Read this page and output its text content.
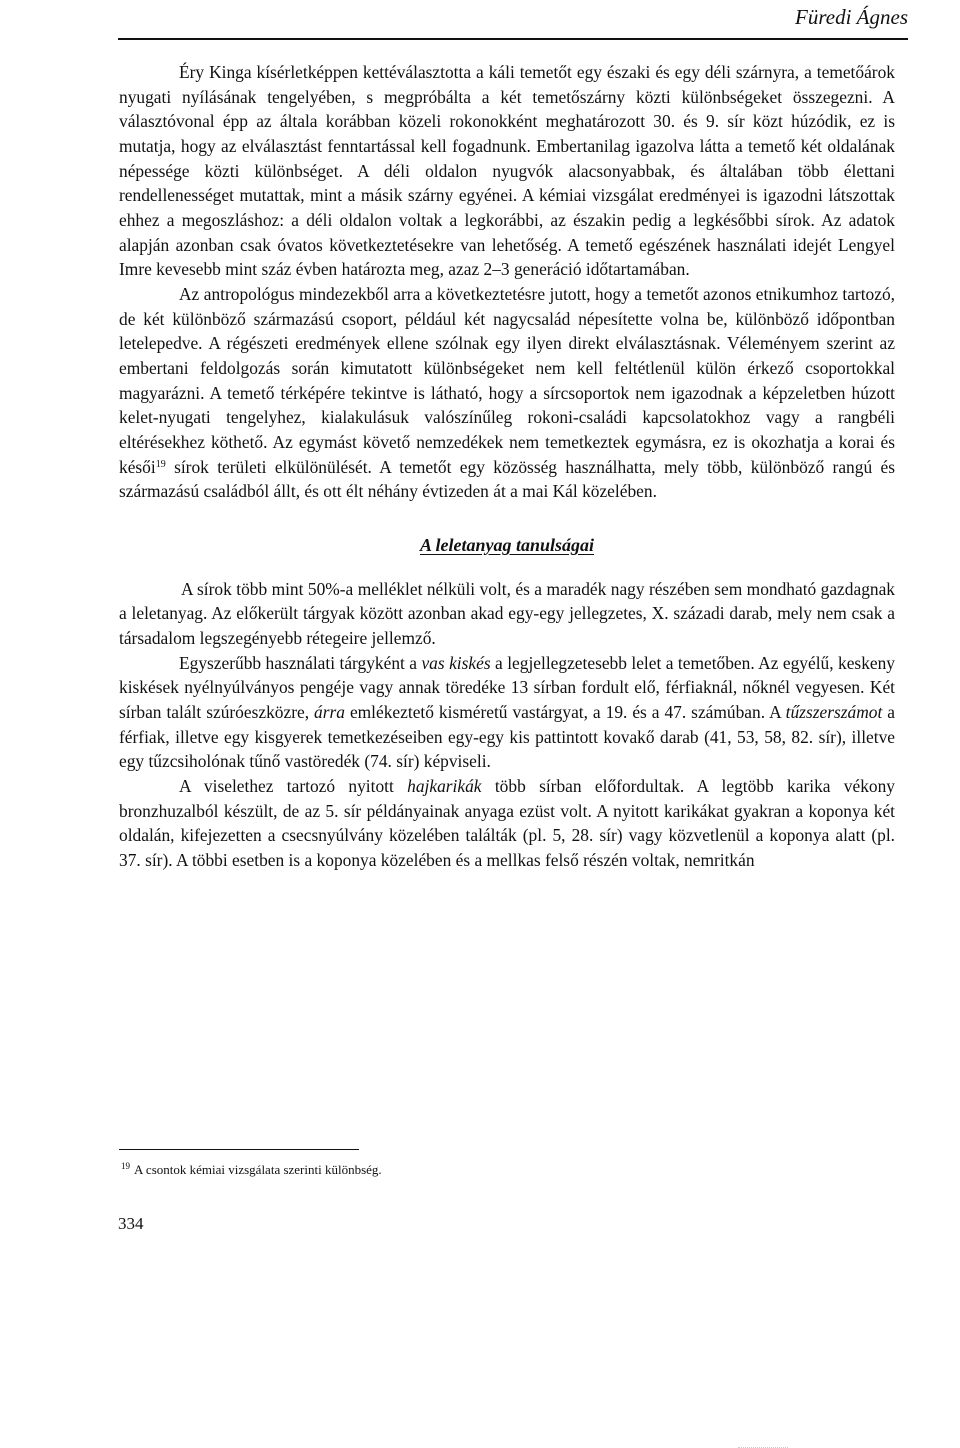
Füredi Ágnes

Éry Kinga kísérletképpen kettéválasztotta a káli temetőt egy északi és egy déli szárnyra, a temetőárok nyugati nyílásának tengelyében, s megpróbálta a két temetőszárny közti különbségeket összegezni. A választóvonal épp az általa korábban közeli rokonokként meghatározott 30. és 9. sír közt húzódik, ez is mutatja, hogy az elválasztást fenntartással kell fogadnunk. Embertanilag igazolva látta a temető két oldalának népessége közti különbséget. A déli oldalon nyugvók alacsonyabbak, és általában több élettani rendellenességet mutattak, mint a másik szárny egyénei. A kémiai vizsgálat eredményei is igazodni látszottak ehhez a megoszláshoz: a déli oldalon voltak a legkorábbi, az északin pedig a legkésőbbi sírok. Az adatok alapján azonban csak óvatos következtetésekre van lehetőség. A temető egészének használati idejét Lengyel Imre kevesebb mint száz évben határozta meg, azaz 2–3 generáció időtartamában.

Az antropológus mindezekből arra a következtetésre jutott, hogy a temetőt azonos etnikumhoz tartozó, de két különböző származású csoport, például két nagycsalád népesítette volna be, különböző időpontban letelepedve. A régészeti eredmények ellene szólnak egy ilyen direkt elválasztásnak. Véleményem szerint az embertani feldolgozás során kimutatott különbségeket nem kell feltétlenül külön érkező csoportokkal magyarázni. A temető térképére tekintve is látható, hogy a sírcsoportok nem igazodnak a képzeletben húzott kelet-nyugati tengelyhez, kialakulásuk valószínűleg rokoni-családi kapcsolatokhoz vagy a rangbéli eltérésekhez köthető. Az egymást követő nemzedékek nem temetkeztek egymásra, ez is okozhatja a korai és késői$^{19}$ sírok területi elkülönülését. A temetőt egy közösség használhatta, mely több, különböző rangú és származású családból állt, és ott élt néhány évtizeden át a mai Kál közelében.

A leletanyag tanulságai

A sírok több mint 50%-a melléklet nélküli volt, és a maradék nagy részében sem mondható gazdagnak a leletanyag. Az előkerült tárgyak között azonban akad egy-egy jellegzetes, X. századi darab, mely nem csak a társadalom legszegényebb rétegeire jellemző.

Egyszerűbb használati tárgyként a vas kiskés a legjellegzetesebb lelet a temetőben. Az egyélű, keskeny kiskések nyélnyúlványos pengéje vagy annak töredéke 13 sírban fordult elő, férfiaknál, nőknél vegyesen. Két sírban talált szúróeszközre, árra emlékeztető kisméretű vastárgyat, a 19. és a 47. számúban. A tűzszerszámot a férfiak, illetve egy kisgyerek temetkezéseiben egy-egy kis pattintott kovakő darab (41, 53, 58, 82. sír), illetve egy tűzcsiholónak tűnő vastöredék (74. sír) képviseli.

A viselethez tartozó nyitott hajkarikák több sírban előfordultak. A legtöbb karika vékony bronzhuzalból készült, de az 5. sír példányainak anyaga ezüst volt. A nyitott karikákat gyakran a koponya két oldalán, kifejezetten a csecsnyúlvány közelében találták (pl. 5, 28. sír) vagy közvetlenül a koponya alatt (pl. 37. sír). A többi esetben is a koponya közelében és a mellkas felső részén voltak, nemritkán

$^{19}$ A csontok kémiai vizsgálata szerinti különbség.

334
